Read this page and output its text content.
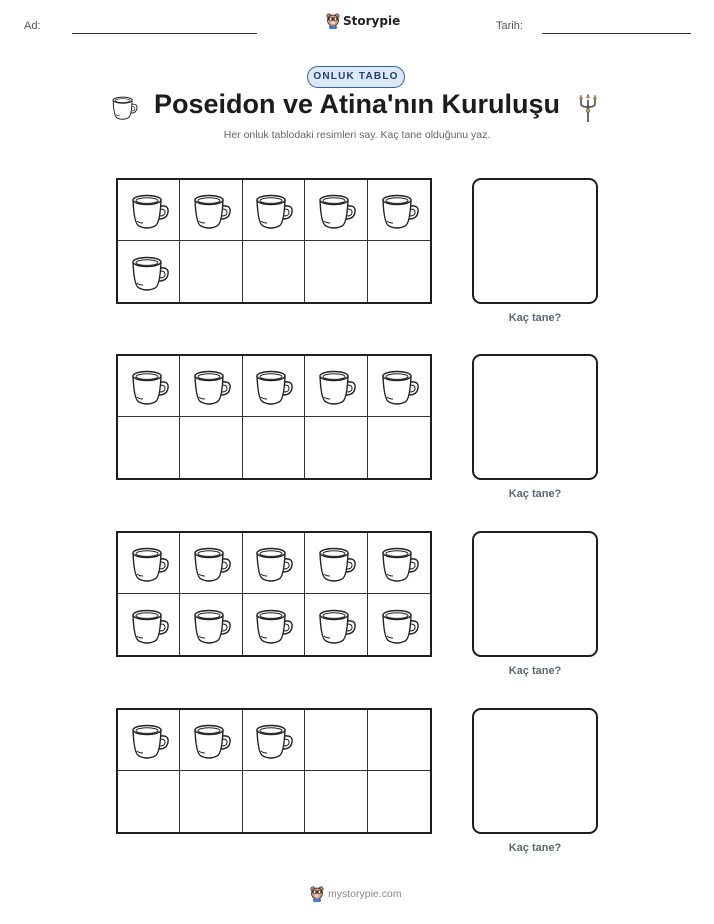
Ad:	Storypie	Tarih:
ONLUK TABLO
Poseidon ve Atina'nın Kuruluşu
Her onluk tablodaki resimleri say. Kaç tane olduğunu yaz.
Kaç tane?
Kaç tane?
Kaç tane?
Kaç tane?
mystorypie.com
